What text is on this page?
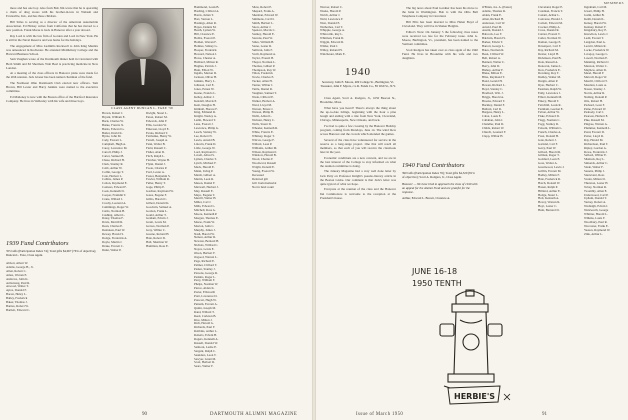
more and has one boy. Also from Bob Jim wrote that he is operating a chain of drug stores with his brother-in-law in Wabash and Evansville, Ind., and has three children.

Bill Stiles is serving as a director of the American Automobile Association. Ed Hickey writes from California that he has moved to a new position. Frank Morse is back in Hanover after a year abroad.

Ray Lord is with the law firm of Gordon and Lord in New York. He is still in the Naval Reserve and was home for the holidays.

The engagement of Miss Ludmilla Rockwell to John King Mannix was announced in Rochester. He attended Middlebury College and the Harvard Business School.

Sam Vaughan wrote of the Dartmouth dinner held in Cleveland with Herb Smith and Ed Sherman. Walt Beal is practicing medicine in New London.

At a meeting of the class officers in Hanover plans were made for the 20th reunion. Jack Glazer has been named chairman of the fund.

The Northeast Ohio Dartmouth Club elected new officers. Tom Brown, Bill Lester and Harry Jenkins were named to the executive committee.

Ed Mahoney is now with the Boston office of the Hartford Insurance Company. He lives in Wellesley with his wife and three boys.

1939 Fund Contributors
355 Gifts (Participation Index 74); Total gifts $4,967 (76% of objective); Duncan L. Faxe, Class Agent.
Abbott, Albert W.
Adams, George H., Jr.
Allen, Robert C.
Ames, Warren E.
Andrews, John K.
Armstrong, Paul R.
Atwood, Walter T.
Ayres, Donald F.
Bacon, Henry L.
Bailey, Frederick
Baker, Thomas J.
Barnes, Robert W.
Bartlett, Edward C.
CLASS AGENT DUNCAN L. FAXE '39
Brown, Robert J.
Bryant, William E.
Buck, Charles W.
Burke, Francis X.
Burns, Edward G.
Butler, David K.
Byrne, John M.
Cady, Everett L.
Campbell, Hugh A.
Carey, Lawrence M.
Carroll, Philip J.
Carter, Samuel B.
Chase, Richard H.
Clark, Stanley R.
Cobb, Arthur W.
Coffin, George T.
Cole, Herbert L.
Collins, James P.
Colton, Raymond E.
Connors, Edward F.
Cook, Kenneth D.
Cooper, Franklin T.
Crane, Willard J.
Crosby, Leonard A.
Cummings, Roger W.
Curtis, Norman H.
Cushing, Albert L.
Daley, Thomas F.
Davis, Merrill R.
Dean, Charles E.
Dennison, Paul W.
Dewey, Harold S.
Dodge, Frederick A.
Doyle, Martin J.
Drake, Everett C.
Dunn, Walter P.
Dwight, Stuart L.
Eaton, Robert M.
Edwards, John F.
Ellis, Gordon W.
Emerson, Lloyd E.
Evans, Richard T.
Fairbanks, Henry W.
Farrell, Joseph A.
Fenn, Walter B.
Field, Russell C.
Fisher, Alan D.
Fitch, Ralph L.
Fletcher, Wayne H.
Flynn, Daniel J.
Foote, Charles P.
Ford, Lester A.
Foster, Benjamin S.
Fowler, William R.
Fuller, Henry T.
Gage, Philip E.
Gardner, Raymond W.
Gates, Eugene F.
Gibbs, Harold C.
Gilbert, Donald K.
Goodwin, Samuel A.
Gordon, Frank L.
Gould, Arthur T.
Graham, Edwin J.
Grant, Lewis M.
Graves, Norman P.
Gray, Wilbur C.
Greene, Roland H.
Hale, Robert D.
Hall, Sherman W.
Hamilton, Ross E.
Hammond, Louis B.
Harding, Clifford A.
Harris, Julian T.
Hart, Vernon L.
Hastings, Allen R.
Hayes, Dennis M.
Heath, Lyman W.
Hill, Clarence E.
Hobbs, Everett P.
Holden, Warren F.
Holmes, Sidney G.
Hooper, Frederick
Howard, Nelson J.
Howe, Chester A.
Hubbard, Milton R.
Hughes, Patrick J.
Hunt, Elliott W.
Ingalls, Merton D.
Jackson, Oliver H.
Jenkins, Harry L.
Johnson, Carl E.
Jones, Ernest W.
Keane, Francis L.
Kelley, Arthur J.
Kendall, Morris P.
Kent, Douglas H.
Kimball, Horace F.
King, Edmund R.
Knight, Wesley A.
Lamb, Howard T.
Lane, Everett J.
Lawrence, Philip G.
Leach, Stanley W.
Lee, Robert N.
Lewis, Arnold B.
Lincoln, Frank D.
Little, George W.
Lord, Raymond C.
Lovell, Alfred S.
Lyman, Charles T.
Lynch, Michael F.
Mack, Harold E.
Mann, Irving P.
Marsh, Gilbert A.
Martin, Leon R.
Mason, Daniel F.
Maxwell, Herbert J.
May, Russell E.
Mayo, Eugene T.
Merrill, Walter H.
Miller, Carl J.
Mills, Edward L.
Mitchell, Ross A.
Moore, Kenneth P.
Morgan, Thomas E.
Morse, Frank W.
Morton, John C.
Murphy, James J.
Nash, Harold W.
Nelson, Arthur R.
Newton, Bernard H.
Nichols, Wilfred C.
Noyes, Lewis E.
Olson, Herbert F.
Osgood, Warren L.
Page, Richard E.
Palmer, Clifford T.
Parker, Stanley J.
Parsons, George R.
Perkins, Roger L.
Perry, William F.
Phelps, Norman W.
Pierce, Alden K.
Porter, Ellsworth
Pratt, Lawrence D.
Prescott, Hugh W.
Putnam, Everett A.
Quinn, Joseph M.
Rand, Willard T.
Reed, Carleton B.
Rice, Milton J.
Rich, Harold G.
Richards, Paul F.
Robbins, Arthur L.
Roberts, Edwin H.
Rogers, Kenneth A.
Russell, Donald W.
Sanborn, Leslie E.
Sargent, Ralph C.
Saunders, Leon T.
Sawyer, Grant M.
Scott, Herbert R.
Sears, Walter F.
Shaw, Robert E.
Shepard, Frank A.
Sherman, Edward W.
Simmons, Carl D.
Smith, Herbert L.
Snow, Arthur J.
Spencer, Morris C.
Stanley, Harold E.
Stevens, Paul W.
Stiles, William H.
Stone, Lester R.
Sullivan, John F.
Swift, Raymond A.
Taylor, Everett B.
Thayer, Norman L.
Thomas, Gilbert P.
Thompson, Roy W.
Tilton, Frederick
Towle, Charles E.
Tucker, Allan H.
Turner, Wilbur J.
Tuttle, Daniel R.
Vaughan, Samuel T.
Wade, Clifford E.
Walker, Herbert A.
Ward, Lloyd M.
Warren, Ernest J.
Watson, Philip H.
Webb, Alfred L.
Webster, Henry C.
Wells, Stuart D.
Wheeler, Kenneth R.
White, Francis E.
Whitney, Roger T.
Wilcox, George F.
Willard, Leon P.
Williams, Arthur M.
Wilson, Raymond J.
Winslow, Harold B.
Wood, Charles F.
Woodward, Russell
Wright, Donald E.
Young, Everett W.
Deceased
Deferred gift
Gift from memorial
Not in fund count
90	DARTMOUTH ALUMNI MAGAZINE
MEMBERS
Weaver, Robert C.
Weeks, Harold P.
Welch, Arthur J.
Weld, Lawrence F.
West, Donald E.
Wetherbee, Carl T.
Whipple, George A.
Whitcomb, Ray L.
Whitman, Frank D.
Wiggin, Edward R.
Wilder, Paul J.
Willey, Roland H.
Winchester, Mark E.
1940
Secretary, John E. Moore, 409 College St., Burlington, Vt.
Treasurer, John F. Myers, c/o R. Funds Co., 85 Wall St., N.Y.

Class Agent, Scott A. Rodgers, Jr., 1650 Beacon St., Brookline, Mass.

What have you heard? There's always the thing about the up-to-date tidings, beginning with the hour a pine bough and ending with a ride from New York, Cleveland, Chicago, Minneapolis, New Orleans, and back.

I've had to quite a few crossing by the Hanover Holiday program, coming from Mondays, June 14. The wind blew across Hanover and the crowds which attended the games.

Several of the class have volunteered for service in the reserve as a long-range project. One that will reach all members, so that each of you will receive the classbook later in the year.

Economic conditions are a new concern, and we are in the best interest of the College to stay informed on what the reunion committee is doing.

The January Magazine had a very well done letter by Jack Petty on Professor Knight's pseudo-literary article in the Boston Globe. Our comment is that Jack's letter was quite typical of what we hope.

Everyone at the reunion of the class and the Hanover Inn Commodore is welcome to the reception at the President's house.

The big news about Paul Gardner has been his move to the bank in Washington. Bob is with the Ohio Bell Telephone Company in Cleveland.

Bill Ellis has been married to Miss Helen Boyd of Cleveland. They will live in Shaker Heights.

Editor's Note: On January 5 the following class notes were received too late for the February issue. John G. Moore, Burlington, Vt., president, has been named to the Vermont committee.

Scott Rodgers has taken over as class agent of the 1940 Fund. He lives in Brookline with his wife and two daughters.

1940 Fund Contributors
390 Gifts (Participation Index 76); Total gifts $4,320 (81% of objective); Scott A. Rodgers, Jr., Class Agent.
Hanover — We have tried to approach the class of 1940 with an appeal for the Alumni Fund and are grateful for the response.
Arthur, Edward L. Brown, Clarence A.
JUNE 16-18
1950 TENTH
HERBIE'S
Cleveland, Roger E.
Coleman, Francis T.
Conant, Arthur L.
Converse, Harold J.
Corbett, Edward M.
Crocker, Philip A.
Cross, Donald R.
Currier, Everett T.
Cutler, Norman W.
Damon, George E.
Davenport, Carl F.
Day, Richard M.
Dexter, Lloyd H.
Dickinson, Paul B.
Dole, Russell A.
Donovan, James L.
Dow, Frederick E.
Downing, Roy T.
Dudley, Walter M.
Durgin, Allen P.
Dyer, Herbert C.
Eastman, Ralph W.
Eddy, Lawrence J.
Elliott, Kenneth M.
Emery, Harold T.
Fairchild, Louis R.
Farnham, Gordon E.
Felton, Arthur W.
Fiske, Edward D.
Flagg, Norman C.
Fogg, Stanley R.
Folsom, William L.
French, Charles A.
Frost, Donald H.
Gale, Robert J.
Garland, Carl F.
Gerry, Paul W.
Gifford, Harold R.
Gilman, Roger T.
Goddard, Leon E.
Goss, Walter A.
Greenwood, Lewis J.
Griffin, Everett M.
Hadley, Milton F.
Hale, Frederick R.
Hatch, Donald W.
Hazen, Ralph P.
Hilliard, Arthur E.
Hodge, Stuart L.
Holt, Kenneth A.
Hovey, Warren R.
Hoyt, Lester C.
Hunt, Bernard D.
Ingraham, Carl M.
Jewett, Philip H.
Joslin, Arthur B.
Keith, Donald L.
Kelsey, Harold W.
Kenney, Robert F.
Kingsbury, Roy E.
Knowlton, Lewis J.
Ladd, Everett T.
Langdon, Paul A.
Leavitt, Milton R.
Locke, Frederick W.
Lovejoy, George L.
Lowell, Norman E.
Manning, Richard J.
Marston, Walter C.
Mayhew, Allen D.
Mead, Harold F.
Metcalf, Roger W.
Morrill, Clifford T.
Moulton, Louis A.
Nason, Stanley J.
Norris, Arthur R.
Nutting, Donald P.
Otis, Robert H.
Packard, Leon F.
Paine, Edward W.
Peabody, Carl J.
Pearson, Herbert E.
Pike, Russell M.
Pingree, Warren A.
Plummer, Kenneth L.
Pond, Everett D.
Potter, Lloyd R.
Ray, Harold M.
Richardson, Paul T.
Ripley, Gordon A.
Rowe, Frederick J.
Safford, Wilbur E.
Shattuck, Roy L.
Simonds, Arthur C.
Slade, Walter F.
Stearns, Philip J.
Sturtevant, Ross
Swain, Milton D.
Thurston, Lester H.
Tobey, Norman R.
Twombly, Allen E.
Underwood, Carl P.
Upham, Donald T.
Varney, Robert A.
Wadleigh, Edwin J.
Wentworth, George
Whittier, Harold L.
Wilkins, Louis F.
Woodbury, Paul R.
Worcester, Frank E.
Yeaton, Raymond W.
Zink, Arthur L.
O'Brien, Jos. A. (Pastor)
Adams, Thomas R.
Alden, Frank E.
Allen, Richard H.
Anderson, Carl W.
Arnold, Paul M.
Austin, Donald J.
Babcock, Lee F.
Baldwin, Harold S.
Barker, Edwin T.
Barrett, George L.
Bates, Norman R.
Bean, Clifford W.
Bell, Robert A.
Bennett, Walter C.
Berry, John D.
Bishop, Arthur F.
Blake, Milton E.
Bliss, Raymond T.
Bond, Gerald H.
Bowen, Richard L.
Boyd, Stanley C.
Bradford, Wm. J.
Briggs, Harold A.
Brooks, Edward T.
Buckley, Daniel F.
Bullard, Carl R.
Burgess, Henry L.
Cabot, Louis E.
Callahan, John J.
Chandler, Paul D.
Childs, Robert W.
Church, Leonard F.
Clapp, Wilbur H.
91
Issue of March 1950
